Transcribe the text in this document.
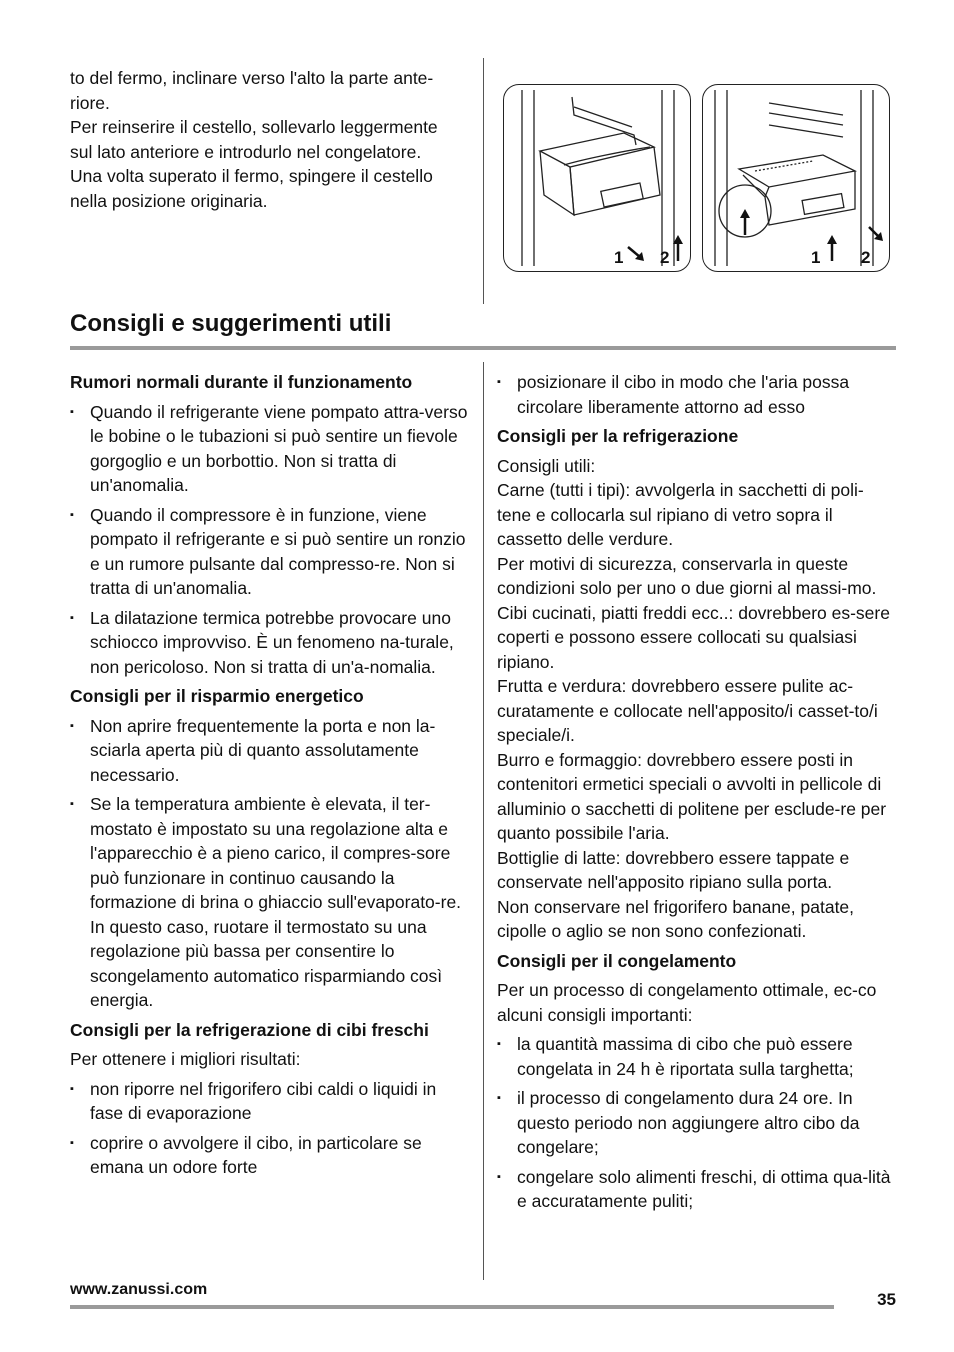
to del fermo, inclinare verso l'alto la parte ante-
riore.
Per reinserire il cestello, sollevarlo leggermente
sul lato anteriore e introdurlo nel congelatore.
Una volta superato il fermo, spingere il cestello
nella posizione originaria.
1 2	1 2
Consigli e suggerimenti utili
Rumori normali durante il funzionamento
▪ Quando il refrigerante viene pompato attra-verso le bobine o le tubazioni si può sentire un fievole gorgoglio e un borbottio. Non si tratta di un'anomalia.
▪ Quando il compressore è in funzione, viene pompato il refrigerante e si può sentire un ronzio e un rumore pulsante dal compresso-re. Non si tratta di un'anomalia.
▪ La dilatazione termica potrebbe provocare uno schiocco improvviso. È un fenomeno na-turale, non pericoloso. Non si tratta di un'a-nomalia.
Consigli per il risparmio energetico
▪ Non aprire frequentemente la porta e non la-sciarla aperta più di quanto assolutamente necessario.
▪ Se la temperatura ambiente è elevata, il ter-mostato è impostato su una regolazione alta e l'apparecchio è a pieno carico, il compres-sore può funzionare in continuo causando la formazione di brina o ghiaccio sull'evaporato-re. In questo caso, ruotare il termostato su una regolazione più bassa per consentire lo scongelamento automatico risparmiando così energia.
Consigli per la refrigerazione di cibi freschi
Per ottenere i migliori risultati:
▪ non riporre nel frigorifero cibi caldi o liquidi in fase di evaporazione
▪ coprire o avvolgere il cibo, in particolare se emana un odore forte
▪ posizionare il cibo in modo che l'aria possa circolare liberamente attorno ad esso
Consigli per la refrigerazione
Consigli utili:
Carne (tutti i tipi): avvolgerla in sacchetti di poli-tene e collocarla sul ripiano di vetro sopra il cassetto delle verdure.
Per motivi di sicurezza, conservarla in queste condizioni solo per uno o due giorni al massi-mo.
Cibi cucinati, piatti freddi ecc..: dovrebbero es-sere coperti e possono essere collocati su qualsiasi ripiano.
Frutta e verdura: dovrebbero essere pulite ac-curatamente e collocate nell'apposito/i casset-to/i speciale/i.
Burro e formaggio: dovrebbero essere posti in contenitori ermetici speciali o avvolti in pellicole di alluminio o sacchetti di politene per esclude-re per quanto possibile l'aria.
Bottiglie di latte: dovrebbero essere tappate e conservate nell'apposito ripiano sulla porta.
Non conservare nel frigorifero banane, patate, cipolle o aglio se non sono confezionati.
Consigli per il congelamento
Per un processo di congelamento ottimale, ec-co alcuni consigli importanti:
▪ la quantità massima di cibo che può essere congelata in 24 h è riportata sulla targhetta;
▪ il processo di congelamento dura 24 ore. In questo periodo non aggiungere altro cibo da congelare;
▪ congelare solo alimenti freschi, di ottima qua-lità e accuratamente puliti;
www.zanussi.com
35
